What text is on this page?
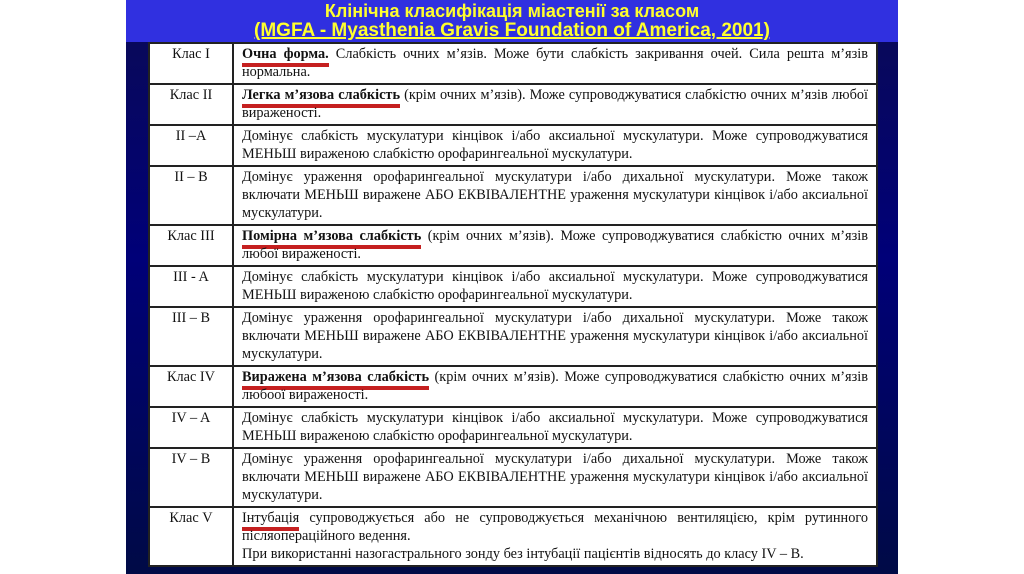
Клінічна класифікація міастенії за класом
(MGFA - Myasthenia Gravis Foundation of America, 2001)
Клас I	Очна форма. Слабкість очних м’язів. Може бути слабкість закривання очей. Сила решта м’язів нормальна.

Клас II	Легка м’язова слабкість (крім очних м’язів). Може супроводжуватися слабкістю очних м’язів любої вираженості.

II –A	Домінує слабкість мускулатури кінцівок і/або аксиальної мускулатури. Може супроводжуватися МЕНЬШ вираженою слабкістю орофарингеальної мускулатури.

II – B	Домінує ураження орофарингеальної мускулатури і/або дихальної мускулатури. Може також включати МЕНЬШ виражене АБО ЕКВІВАЛЕНТНЕ ураження мускулатури кінцівок і/або аксиальної мускулатури.

Клас III	Помірна м’язова слабкість (крім очних м’язів). Може супроводжуватися слабкістю очних м’язів любої вираженості.

III - A	Домінує слабкість мускулатури кінцівок і/або аксиальної мускулатури. Може супроводжуватися МЕНЬШ вираженою слабкістю орофарингеальної мускулатури.

III – B	Домінує ураження орофарингеальної мускулатури і/або дихальної мускулатури. Може також включати МЕНЬШ виражене АБО ЕКВІВАЛЕНТНЕ ураження мускулатури кінцівок і/або аксиальної мускулатури.

Клас IV	Виражена м’язова слабкість (крім очних м’язів). Може супроводжуватися слабкістю очних м’язів любоої вираженості.

IV – A	Домінує слабкість мускулатури кінцівок і/або аксиальної мускулатури. Може супроводжуватися МЕНЬШ вираженою слабкістю орофарингеальної мускулатури.

IV – B	Домінує ураження орофарингеальної мускулатури і/або дихальної мускулатури. Може також включати МЕНЬШ виражене АБО ЕКВІВАЛЕНТНЕ ураження мускулатури кінцівок і/або аксиальної мускулатури.

Клас V	Інтубація супроводжується або не супроводжується механічною вентиляцією, крім рутинного післяопераційного ведення.
При використанні назогастрального зонду без інтубації пацієнтів відносять до класу IV – B.
